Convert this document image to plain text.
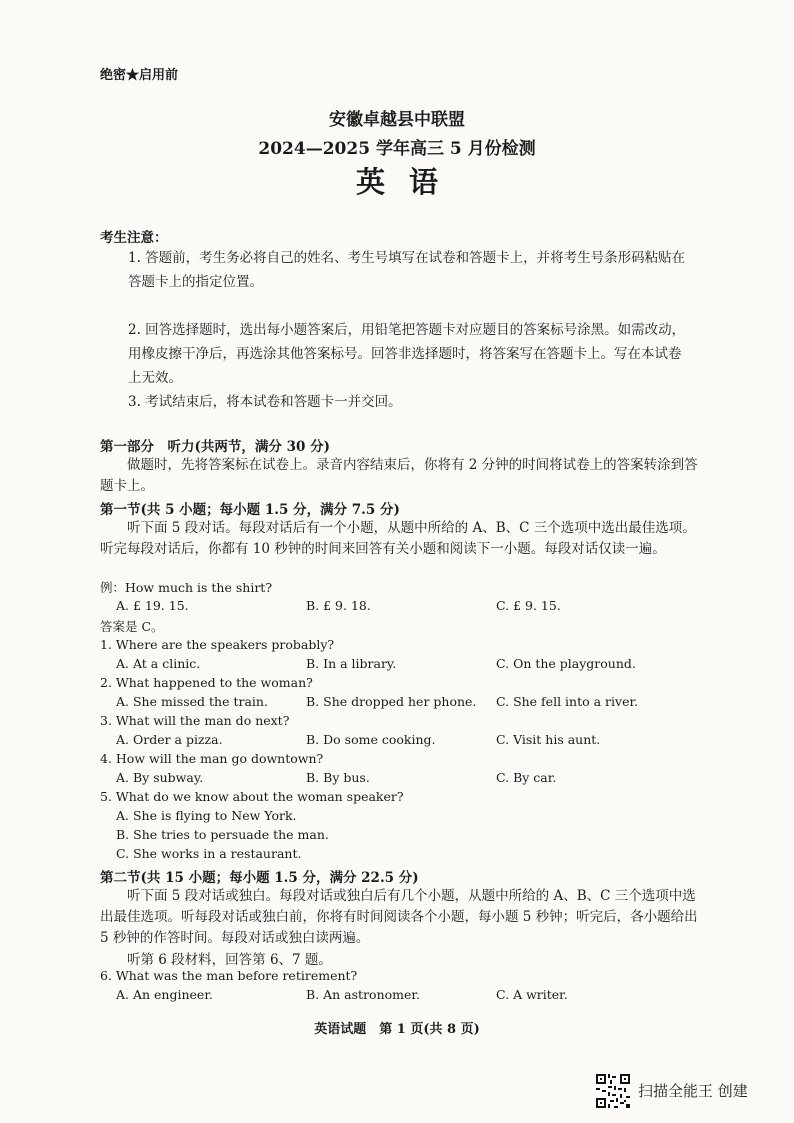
绝密★启用前
安徽卓越县中联盟
2024—2025 学年高三 5 月份检测
英语
考生注意：
1. 答题前，考生务必将自己的姓名、考生号填写在试卷和答题卡上，并将考生号条形码粘贴在答题卡上的指定位置。
2. 回答选择题时，选出每小题答案后，用铅笔把答题卡对应题目的答案标号涂黑。如需改动，用橡皮擦干净后，再选涂其他答案标号。回答非选择题时，将答案写在答题卡上。写在本试卷上无效。
3. 考试结束后，将本试卷和答题卡一并交回。
第一部分　听力(共两节，满分 30 分)
做题时，先将答案标在试卷上。录音内容结束后，你将有 2 分钟的时间将试卷上的答案转涂到答题卡上。
第一节(共 5 小题；每小题 1.5 分，满分 7.5 分)
听下面 5 段对话。每段对话后有一个小题，从题中所给的 A、B、C 三个选项中选出最佳选项。听完每段对话后，你都有 10 秒钟的时间来回答有关小题和阅读下一小题。每段对话仅读一遍。
例：How much is the shirt?
A. £ 19. 15.	B. £ 9. 18.	C. £ 9. 15.
答案是 C。
1. Where are the speakers probably?
A. At a clinic.	B. In a library.	C. On the playground.
2. What happened to the woman?
A. She missed the train.	B. She dropped her phone. C. She fell into a river.
3. What will the man do next?
A. Order a pizza.	B. Do some cooking.	C. Visit his aunt.
4. How will the man go downtown?
A. By subway.	B. By bus.	C. By car.
5. What do we know about the woman speaker?
A. She is flying to New York.
B. She tries to persuade the man.
C. She works in a restaurant.
第二节(共 15 小题；每小题 1.5 分，满分 22.5 分)
听下面 5 段对话或独白。每段对话或独白后有几个小题，从题中所给的 A、B、C 三个选项中选出最佳选项。听每段对话或独白前，你将有时间阅读各个小题，每小题 5 秒钟；听完后，各小题给出 5 秒钟的作答时间。每段对话或独白读两遍。
听第 6 段材料，回答第 6、7 题。
6. What was the man before retirement?
A. An engineer.	B. An astronomer.	C. A writer.
英语试题　第 1 页(共 8 页)
扫描全能王 创建
